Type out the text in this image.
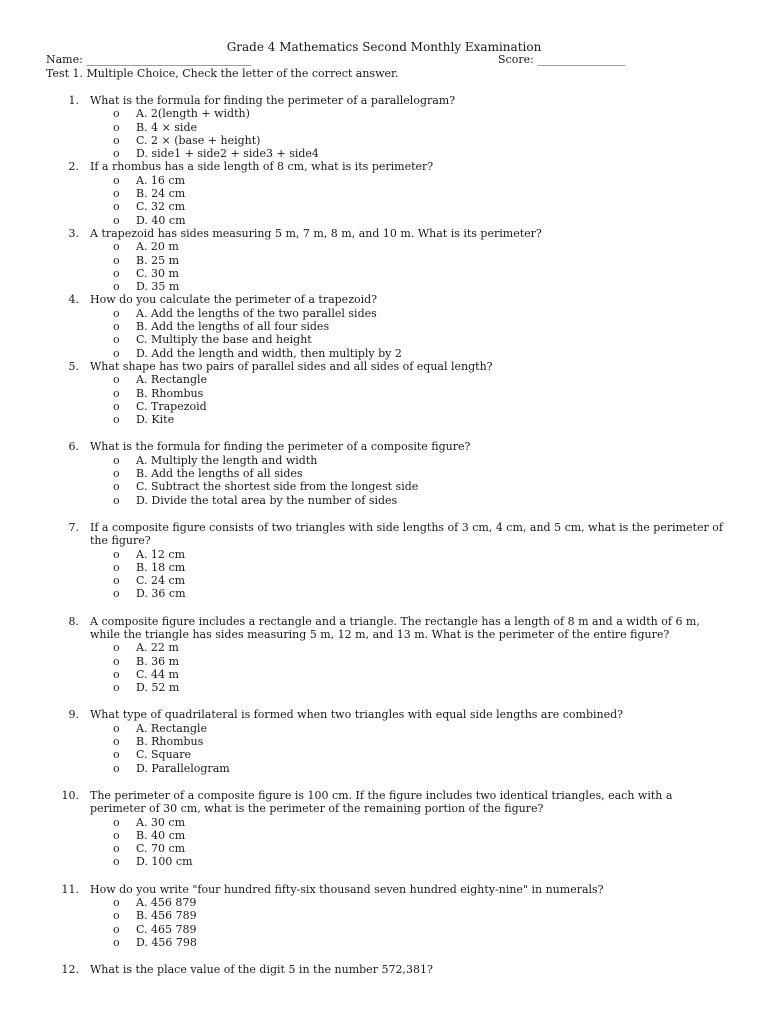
Grade 4 Mathematics Second Monthly Examination
Name: ______________________________	Score: ________________
Test 1. Multiple Choice, Check the letter of the correct answer.
1. What is the formula for finding the perimeter of a parallelogram?
o A. 2(length + width)
o B. 4 × side
o C. 2 × (base + height)
o D. side1 + side2 + side3 + side4
2. If a rhombus has a side length of 8 cm, what is its perimeter?
o A. 16 cm
o B. 24 cm
o C. 32 cm
o D. 40 cm
3. A trapezoid has sides measuring 5 m, 7 m, 8 m, and 10 m. What is its perimeter?
o A. 20 m
o B. 25 m
o C. 30 m
o D. 35 m
4. How do you calculate the perimeter of a trapezoid?
o A. Add the lengths of the two parallel sides
o B. Add the lengths of all four sides
o C. Multiply the base and height
o D. Add the length and width, then multiply by 2
5. What shape has two pairs of parallel sides and all sides of equal length?
o A. Rectangle
o B. Rhombus
o C. Trapezoid
o D. Kite
6. What is the formula for finding the perimeter of a composite figure?
o A. Multiply the length and width
o B. Add the lengths of all sides
o C. Subtract the shortest side from the longest side
o D. Divide the total area by the number of sides
7. If a composite figure consists of two triangles with side lengths of 3 cm, 4 cm, and 5 cm, what is the perimeter of the figure?
o A. 12 cm
o B. 18 cm
o C. 24 cm
o D. 36 cm
8. A composite figure includes a rectangle and a triangle. The rectangle has a length of 8 m and a width of 6 m, while the triangle has sides measuring 5 m, 12 m, and 13 m. What is the perimeter of the entire figure?
o A. 22 m
o B. 36 m
o C. 44 m
o D. 52 m
9. What type of quadrilateral is formed when two triangles with equal side lengths are combined?
o A. Rectangle
o B. Rhombus
o C. Square
o D. Parallelogram
10. The perimeter of a composite figure is 100 cm. If the figure includes two identical triangles, each with a perimeter of 30 cm, what is the perimeter of the remaining portion of the figure?
o A. 30 cm
o B. 40 cm
o C. 70 cm
o D. 100 cm
11. How do you write "four hundred fifty-six thousand seven hundred eighty-nine" in numerals?
o A. 456 879
o B. 456 789
o C. 465 789
o D. 456 798
12. What is the place value of the digit 5 in the number 572,381?
